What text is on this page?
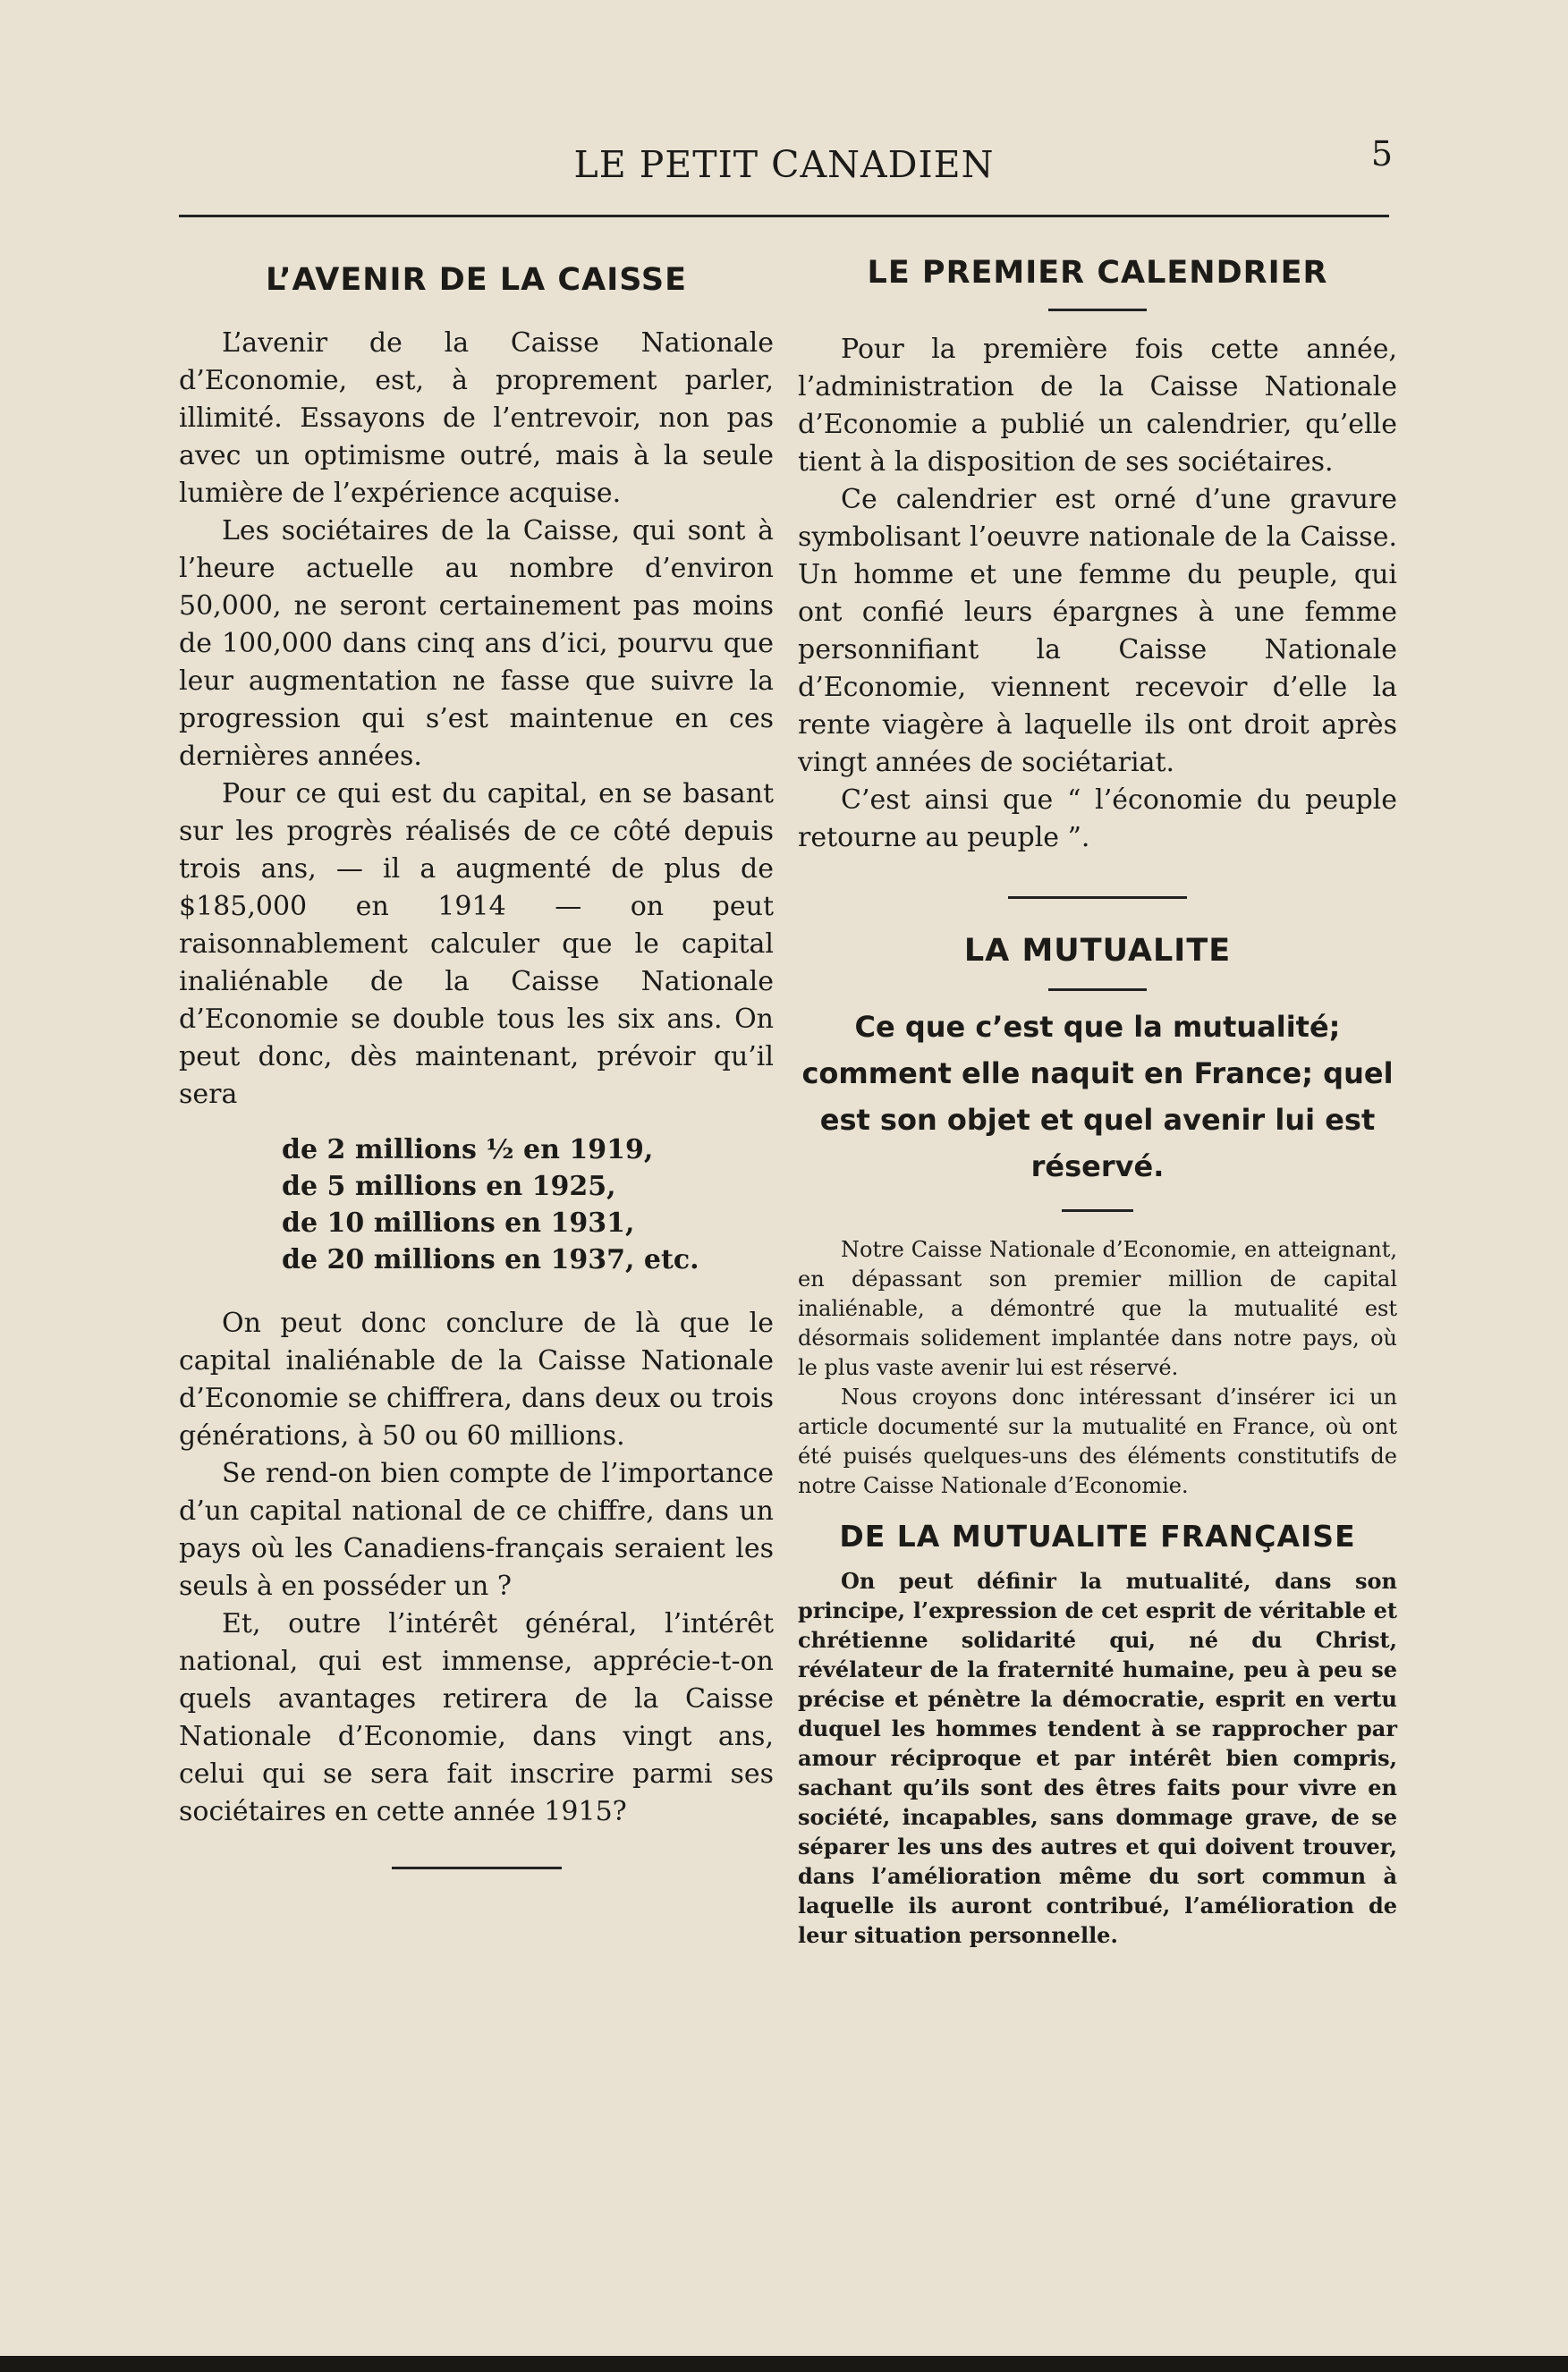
LE PETIT CANADIEN	5
L’AVENIR DE LA CAISSE

L’avenir de la Caisse Nationale d’Economie, est, à proprement parler, illimité. Essayons de l’entrevoir, non pas avec un optimisme outré, mais à la seule lumière de l’expérience acquise.

Les sociétaires de la Caisse, qui sont à l’heure actuelle au nombre d’environ 50,000, ne seront certainement pas moins de 100,000 dans cinq ans d’ici, pourvu que leur augmentation ne fasse que suivre la progression qui s’est maintenue en ces dernières années.

Pour ce qui est du capital, en se basant sur les progrès réalisés de ce côté depuis trois ans, — il a augmenté de plus de $185,000 en 1914 — on peut raisonnablement calculer que le capital inaliénable de la Caisse Nationale d’Economie se double tous les six ans. On peut donc, dès maintenant, prévoir qu’il sera

de 2 millions ½ en 1919,
de 5 millions en 1925,
de 10 millions en 1931,
de 20 millions en 1937, etc.

On peut donc conclure de là que le capital inaliénable de la Caisse Nationale d’Economie se chiffrera, dans deux ou trois générations, à 50 ou 60 millions.

Se rend-on bien compte de l’importance d’un capital national de ce chiffre, dans un pays où les Canadiens-français seraient les seuls à en posséder un ?

Et, outre l’intérêt général, l’intérêt national, qui est immense, apprécie-t-on quels avantages retirera de la Caisse Nationale d’Economie, dans vingt ans, celui qui se sera fait inscrire parmi ses sociétaires en cette année 1915?

LE PREMIER CALENDRIER

Pour la première fois cette année, l’administration de la Caisse Nationale d’Economie a publié un calendrier, qu’elle tient à la disposition de ses sociétaires.

Ce calendrier est orné d’une gravure symbolisant l’oeuvre nationale de la Caisse. Un homme et une femme du peuple, qui ont confié leurs épargnes à une femme personnifiant la Caisse Nationale d’Economie, viennent recevoir d’elle la rente viagère à laquelle ils ont droit après vingt années de sociétariat.

C’est ainsi que “ l’économie du peuple retourne au peuple ”.

LA MUTUALITE
Ce que c’est que la mutualité; comment elle naquit en France; quel est son objet et quel avenir lui est réservé.

Notre Caisse Nationale d’Economie, en atteignant, en dépassant son premier million de capital inaliénable, a démontré que la mutualité est désormais solidement implantée dans notre pays, où le plus vaste avenir lui est réservé.

Nous croyons donc intéressant d’insérer ici un article documenté sur la mutualité en France, où ont été puisés quelques-uns des éléments constitutifs de notre Caisse Nationale d’Economie.

DE LA MUTUALITE FRANÇAISE

On peut définir la mutualité, dans son principe, l’expression de cet esprit de véritable et chrétienne solidarité qui, né du Christ, révélateur de la fraternité humaine, peu à peu se précise et pénètre la démocratie, esprit en vertu duquel les hommes tendent à se rapprocher par amour réciproque et par intérêt bien compris, sachant qu’ils sont des êtres faits pour vivre en société, incapables, sans dommage grave, de se séparer les uns des autres et qui doivent trouver, dans l’amélioration même du sort commun à laquelle ils auront contribué, l’amélioration de leur situation personnelle.
